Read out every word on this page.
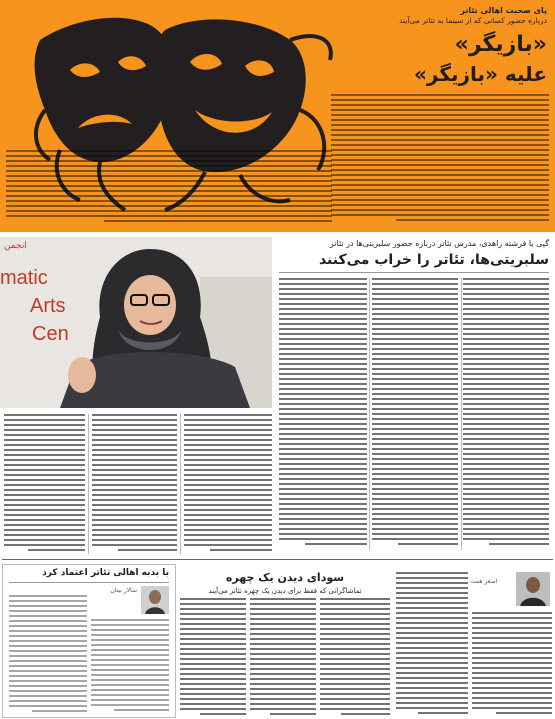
پای صحبت اهالی تئاتر
درباره حضور کسانی که از سینما به تئاتر می‌آیند
«بازیگر»
علیه «بازیگر»
matic
Arts
Cen
انجمن	گپی با فرشته زاهدی، مدرس تئاتر درباره حضور سلبریتی‌ها در تئاتر
سلبریتی‌ها، تئاتر را خراب می‌کنند
با بدبه اهالی تئاتر اعتماد کرد
سالار بیتان
سودای دیدن یک چهره
تماشاگرانی که فقط برای دیدن یک چهره تئاتر می‌آیند
اصغر همت
